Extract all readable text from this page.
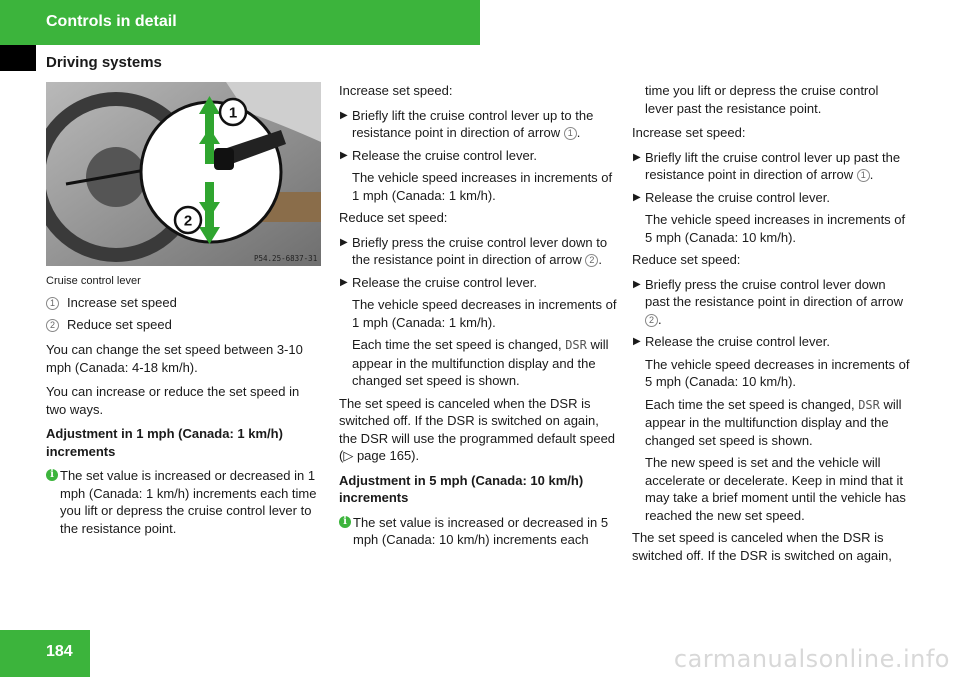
Controls in detail
Driving systems
1
2
P54.25-6837-31

Cruise control lever

1 Increase set speed
2 Reduce set speed

You can change the set speed between 3-10 mph (Canada: 4-18 km/h).

You can increase or reduce the set speed in two ways.

Adjustment in 1 mph (Canada: 1 km/h) increments

i The set value is increased or decreased in 1 mph (Canada: 1 km/h) increments each time you lift or depress the cruise control lever to the resistance point.

Increase set speed:

▶ Briefly lift the cruise control lever up to the resistance point in direction of arrow 1 .
▶ Release the cruise control lever.
The vehicle speed increases in increments of 1 mph (Canada: 1 km/h).

Reduce set speed:

▶ Briefly press the cruise control lever down to the resistance point in direction of arrow 2 .
▶ Release the cruise control lever.
The vehicle speed decreases in increments of 1 mph (Canada: 1 km/h).
Each time the set speed is changed, DSR will appear in the multifunction display and the changed set speed is shown.

The set speed is canceled when the DSR is switched off. If the DSR is switched on again, the DSR will use the programmed default speed (▷ page 165).

Adjustment in 5 mph (Canada: 10 km/h) increments

i The set value is increased or decreased in 5 mph (Canada: 10 km/h) increments each
time you lift or depress the cruise control lever past the resistance point.

Increase set speed:

▶ Briefly lift the cruise control lever up past the resistance point in direction of arrow 1 .
▶ Release the cruise control lever.
The vehicle speed increases in increments of 5 mph (Canada: 10 km/h).

Reduce set speed:

▶ Briefly press the cruise control lever down past the resistance point in direction of arrow 2 .
▶ Release the cruise control lever.
The vehicle speed decreases in increments of 5 mph (Canada: 10 km/h).
Each time the set speed is changed, DSR will appear in the multifunction display and the changed set speed is shown.
The new speed is set and the vehicle will accelerate or decelerate. Keep in mind that it may take a brief moment until the vehicle has reached the new set speed.

The set speed is canceled when the DSR is switched off. If the DSR is switched on again,

184	carmanualsonline.info
